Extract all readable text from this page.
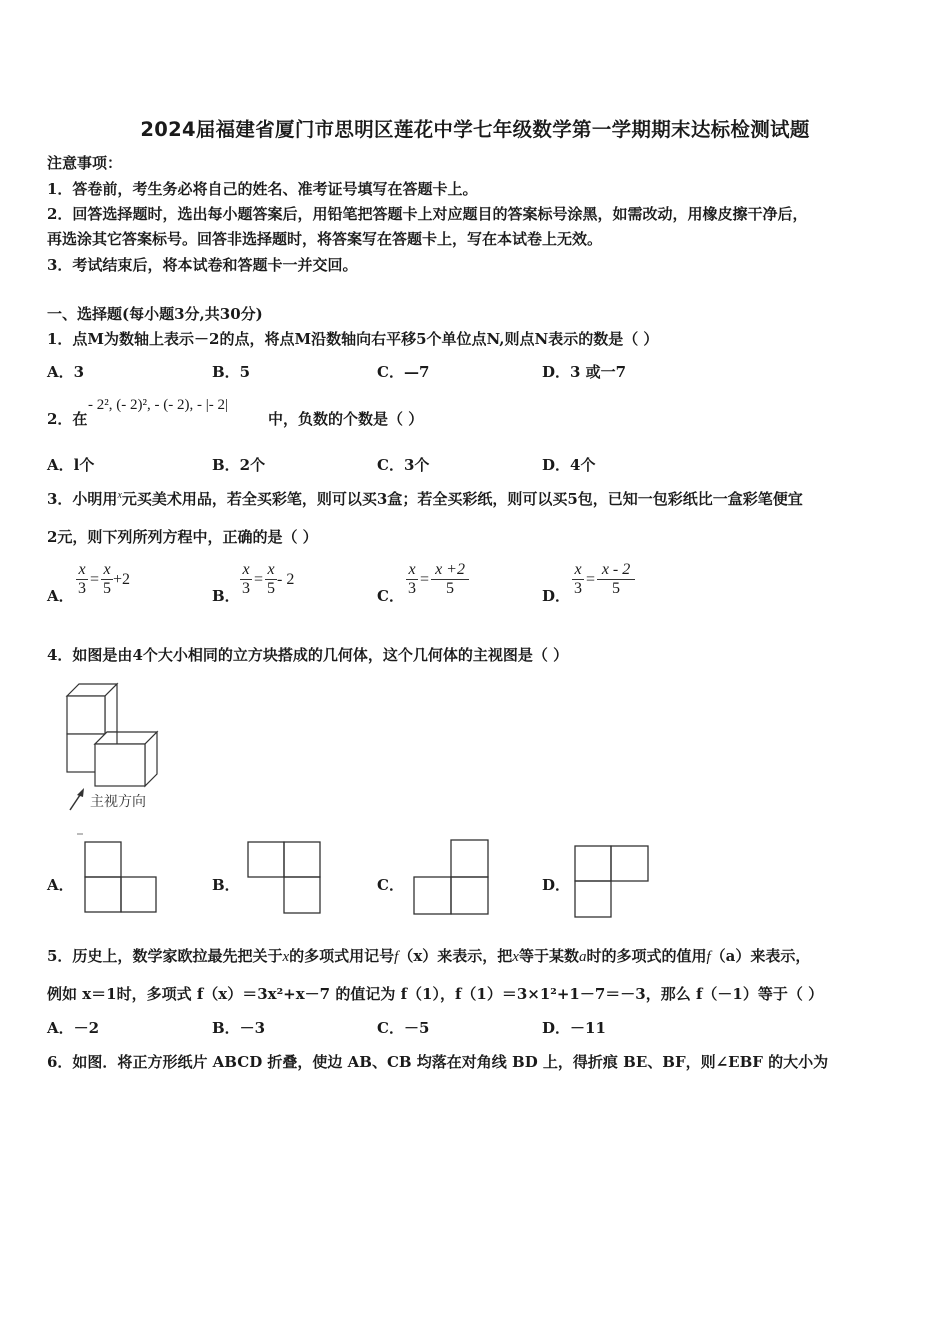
2024届福建省厦门市思明区莲花中学七年级数学第一学期期末达标检测试题
注意事项：
1．答卷前，考生务必将自己的姓名、准考证号填写在答题卡上。
2．回答选择题时，选出每小题答案后，用铅笔把答题卡上对应题目的答案标号涂黑，如需改动，用橡皮擦干净后，
再选涂其它答案标号。回答非选择题时，将答案写在答题卡上，写在本试卷上无效。
3．考试结束后，将本试卷和答题卡一并交回。
一、选择题(每小题3分,共30分)
1．点M为数轴上表示－2的点，将点M沿数轴向右平移5个单位点N,则点N表示的数是（ ）
A．3	B．5	C．—7	D．3 或一7
2．在
- 2², (- 2)², - (- 2), - |- 2|
中，负数的个数是（ ）
A．l个	B．2个	C．3个	D．4个
3．小明用$^x$元买美术用品，若全买彩笔，则可以买3盒；若全买彩纸，则可以买5包，已知一包彩纸比一盒彩笔便宜
2元，则下列所列方程中，正确的是（ ）
A． $\frac{x}{3} = \frac{x}{5} +2$
B． $\frac{x}{3} = \frac{x}{5} - 2$
C． $\frac{x}{3} = \frac{x +2}{5}$	D． $\frac{x}{3} = \frac{x - 2}{5}$
4．如图是由4个大小相同的立方块搭成的几何体，这个几何体的主视图是（ ）
主视方向
A．	B．	C．	D．
5．历史上，数学家欧拉最先把关于x的多项式用记号f（x）来表示，把x等于某数a时的多项式的值用f（a）来表示，
例如 x＝1时，多项式 f（x）＝3x²+x－7 的值记为 f（1），f（1）＝3×1²+1－7＝－3，那么 f（－1）等于（ ）
A．－2	B．－3	C．－5	D．－11
6．如图．将正方形纸片 ABCD 折叠，使边 AB、CB 均落在对角线 BD 上，得折痕 BE、BF，则∠EBF 的大小为
